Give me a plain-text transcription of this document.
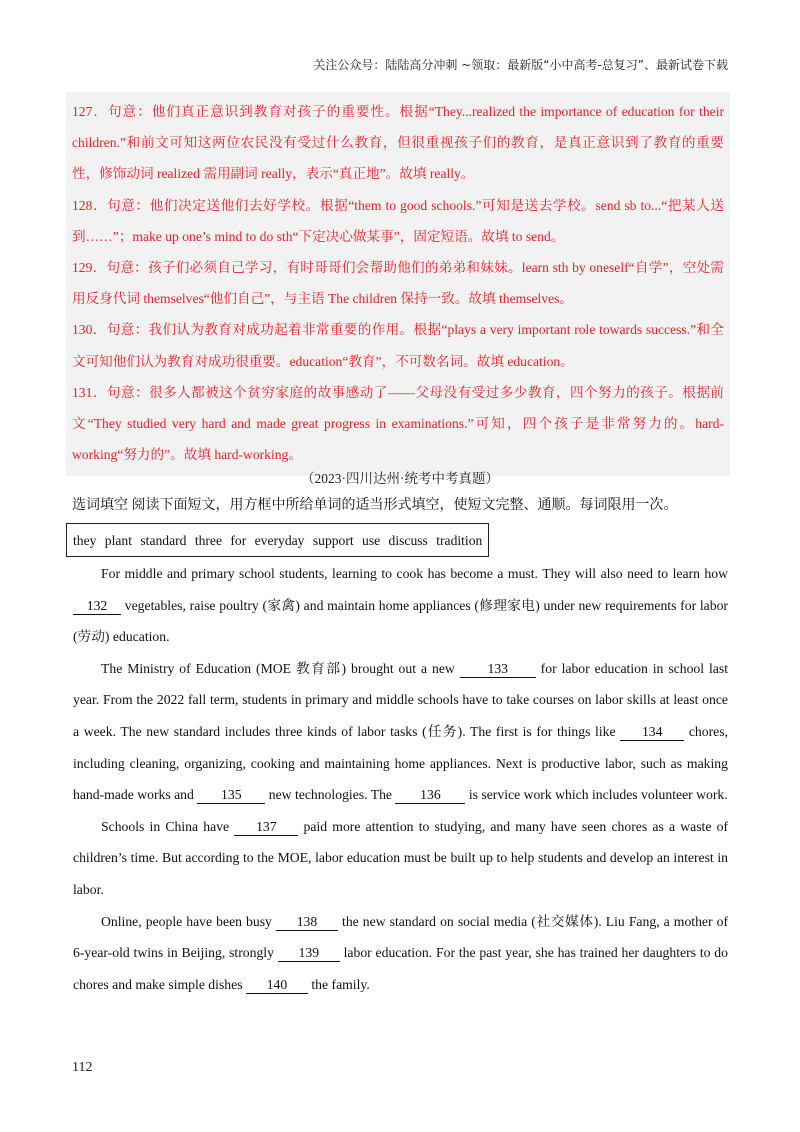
关注公众号：陆陆高分冲刺 ~领取：最新版“小中高考-总复习”、最新试卷下载

127．句意：他们真正意识到教育对孩子的重要性。根据“They...realized the importance of education for their children.”和前文可知这两位农民没有受过什么教育，但很重视孩子们的教育，是真正意识到了教育的重要性，修饰动词 realized 需用副词 really，表示“真正地”。故填 really。

128．句意：他们决定送他们去好学校。根据“them to good schools.”可知是送去学校。send sb to...“把某人送到……”；make up one’s mind to do sth“下定决心做某事”，固定短语。故填 to send。

129．句意：孩子们必须自己学习，有时哥哥们会帮助他们的弟弟和妹妹。learn sth by oneself“自学”，空处需用反身代词 themselves“他们自己”，与主语 The children 保持一致。故填 themselves。

130．句意：我们认为教育对成功起着非常重要的作用。根据“plays a very important role towards success.”和全文可知他们认为教育对成功很重要。education“教育”，不可数名词。故填 education。

131．句意：很多人都被这个贫穷家庭的故事感动了——父母没有受过多少教育，四个努力的孩子。根据前文“They studied very hard and made great progress in examinations.”可知，四个孩子是非常努力的。hard-working“努力的”。故填 hard-working。

（2023·四川达州·统考中考真题）
选词填空 阅读下面短文，用方框中所给单词的适当形式填空，使短文完整、通顺。每词限用一次。
they plant standard three for everyday support use discuss tradition

For middle and primary school students, learning to cook has become a must. They will also need to learn how 132 vegetables, raise poultry (家禽) and maintain home appliances (修理家电) under new requirements for labor (劳动) education.

The Ministry of Education (MOE 教育部) brought out a new 133 for labor education in school last year. From the 2022 fall term, students in primary and middle schools have to take courses on labor skills at least once a week. The new standard includes three kinds of labor tasks (任务). The first is for things like 134 chores, including cleaning, organizing, cooking and maintaining home appliances. Next is productive labor, such as making hand-made works and 135 new technologies. The 136 is service work which includes volunteer work.

Schools in China have 137 paid more attention to studying, and many have seen chores as a waste of children’s time. But according to the MOE, labor education must be built up to help students and develop an interest in labor.

Online, people have been busy 138 the new standard on social media (社交媒体). Liu Fang, a mother of 6-year-old twins in Beijing, strongly 139 labor education. For the past year, she has trained her daughters to do chores and make simple dishes 140 the family.

112
